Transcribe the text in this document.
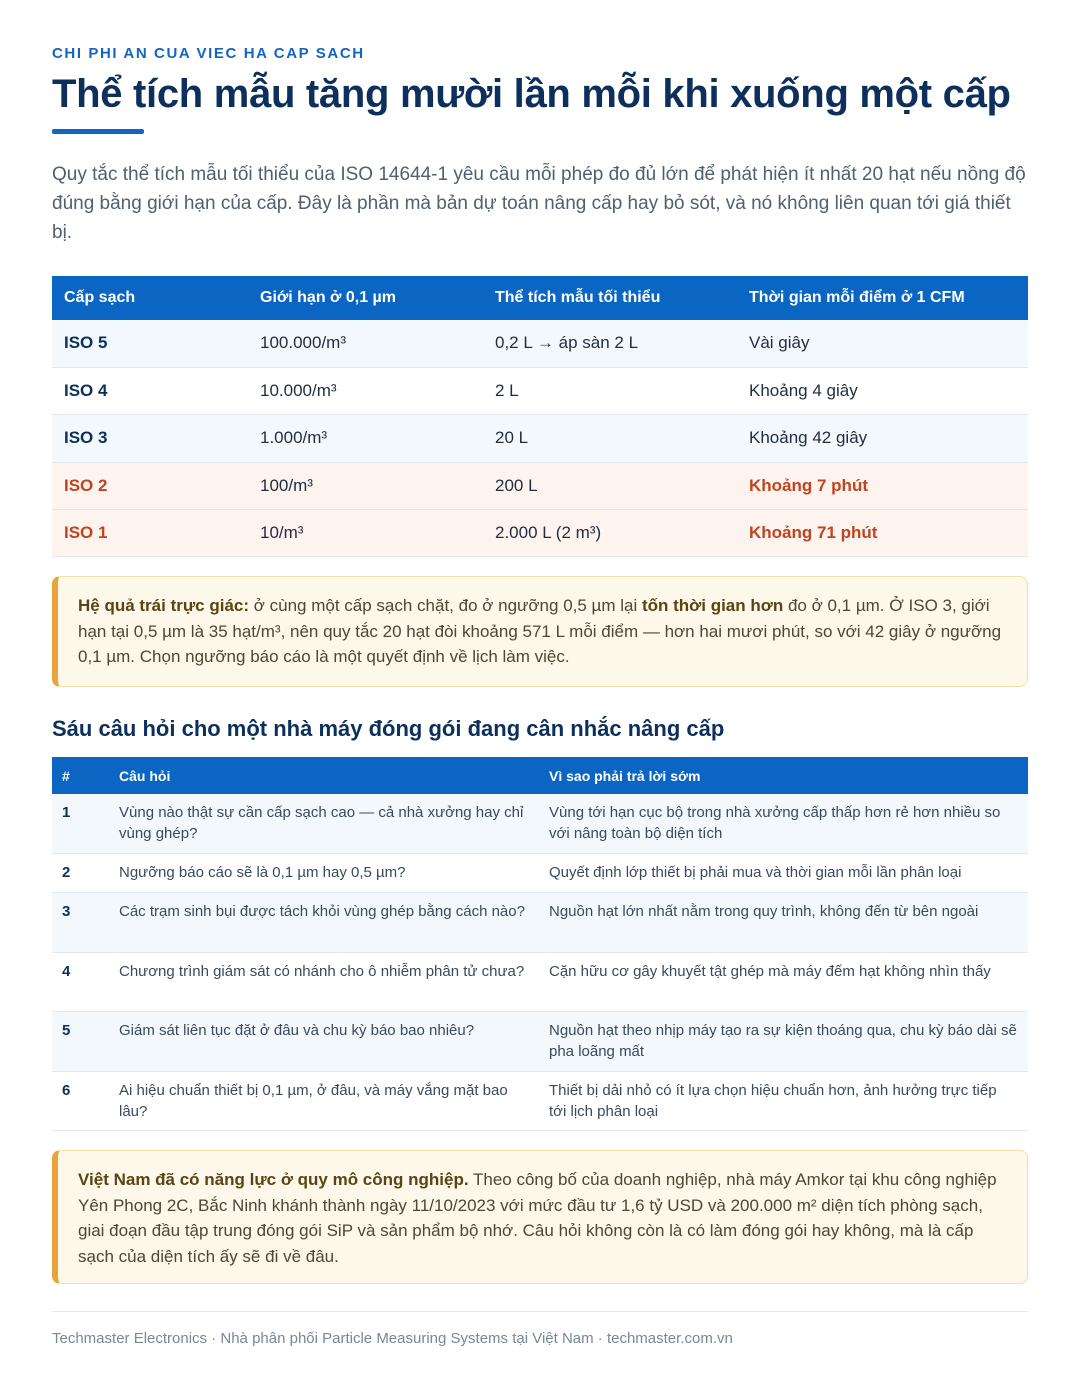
CHI PHI AN CUA VIEC HA CAP SACH
Thể tích mẫu tăng mười lần mỗi khi xuống một cấp

Quy tắc thể tích mẫu tối thiểu của ISO 14644-1 yêu cầu mỗi phép đo đủ lớn để phát hiện ít nhất 20 hạt nếu nồng độ đúng bằng giới hạn của cấp. Đây là phần mà bản dự toán nâng cấp hay bỏ sót, và nó không liên quan tới giá thiết bị.

Cấp sạch	Giới hạn ở 0,1 µm	Thể tích mẫu tối thiểu	Thời gian mỗi điểm ở 1 CFM
ISO 5	100.000/m³	0,2 L → áp sàn 2 L	Vài giây
ISO 4	10.000/m³	2 L	Khoảng 4 giây
ISO 3	1.000/m³	20 L	Khoảng 42 giây
ISO 2	100/m³	200 L	Khoảng 7 phút
ISO 1	10/m³	2.000 L (2 m³)	Khoảng 71 phút
Hệ quả trái trực giác: ở cùng một cấp sạch chặt, đo ở ngưỡng 0,5 µm lại tốn thời gian hơn đo ở 0,1 µm. Ở ISO 3, giới hạn tại 0,5 µm là 35 hạt/m³, nên quy tắc 20 hạt đòi khoảng 571 L mỗi điểm — hơn hai mươi phút, so với 42 giây ở ngưỡng 0,1 µm. Chọn ngưỡng báo cáo là một quyết định về lịch làm việc.
Sáu câu hỏi cho một nhà máy đóng gói đang cân nhắc nâng cấp
#	Câu hỏi	Vì sao phải trả lời sớm
1	Vùng nào thật sự cần cấp sạch cao — cả nhà xưởng hay chỉ vùng ghép?	Vùng tới hạn cục bộ trong nhà xưởng cấp thấp hơn rẻ hơn nhiều so với nâng toàn bộ diện tích
2	Ngưỡng báo cáo sẽ là 0,1 µm hay 0,5 µm?	Quyết định lớp thiết bị phải mua và thời gian mỗi lần phân loại
3	Các trạm sinh bụi được tách khỏi vùng ghép bằng cách nào?	Nguồn hạt lớn nhất nằm trong quy trình, không đến từ bên ngoài
4	Chương trình giám sát có nhánh cho ô nhiễm phân tử chưa?	Cặn hữu cơ gây khuyết tật ghép mà máy đếm hạt không nhìn thấy
5	Giám sát liên tục đặt ở đâu và chu kỳ báo bao nhiêu?	Nguồn hạt theo nhịp máy tạo ra sự kiện thoáng qua, chu kỳ báo dài sẽ pha loãng mất
6	Ai hiệu chuẩn thiết bị 0,1 µm, ở đâu, và máy vắng mặt bao lâu?	Thiết bị dải nhỏ có ít lựa chọn hiệu chuẩn hơn, ảnh hưởng trực tiếp tới lịch phân loại
Việt Nam đã có năng lực ở quy mô công nghiệp. Theo công bố của doanh nghiệp, nhà máy Amkor tại khu công nghiệp Yên Phong 2C, Bắc Ninh khánh thành ngày 11/10/2023 với mức đầu tư 1,6 tỷ USD và 200.000 m² diện tích phòng sạch, giai đoạn đầu tập trung đóng gói SiP và sản phẩm bộ nhớ. Câu hỏi không còn là có làm đóng gói hay không, mà là cấp sạch của diện tích ấy sẽ đi về đâu.
Techmaster Electronics · Nhà phân phối Particle Measuring Systems tại Việt Nam · techmaster.com.vn
